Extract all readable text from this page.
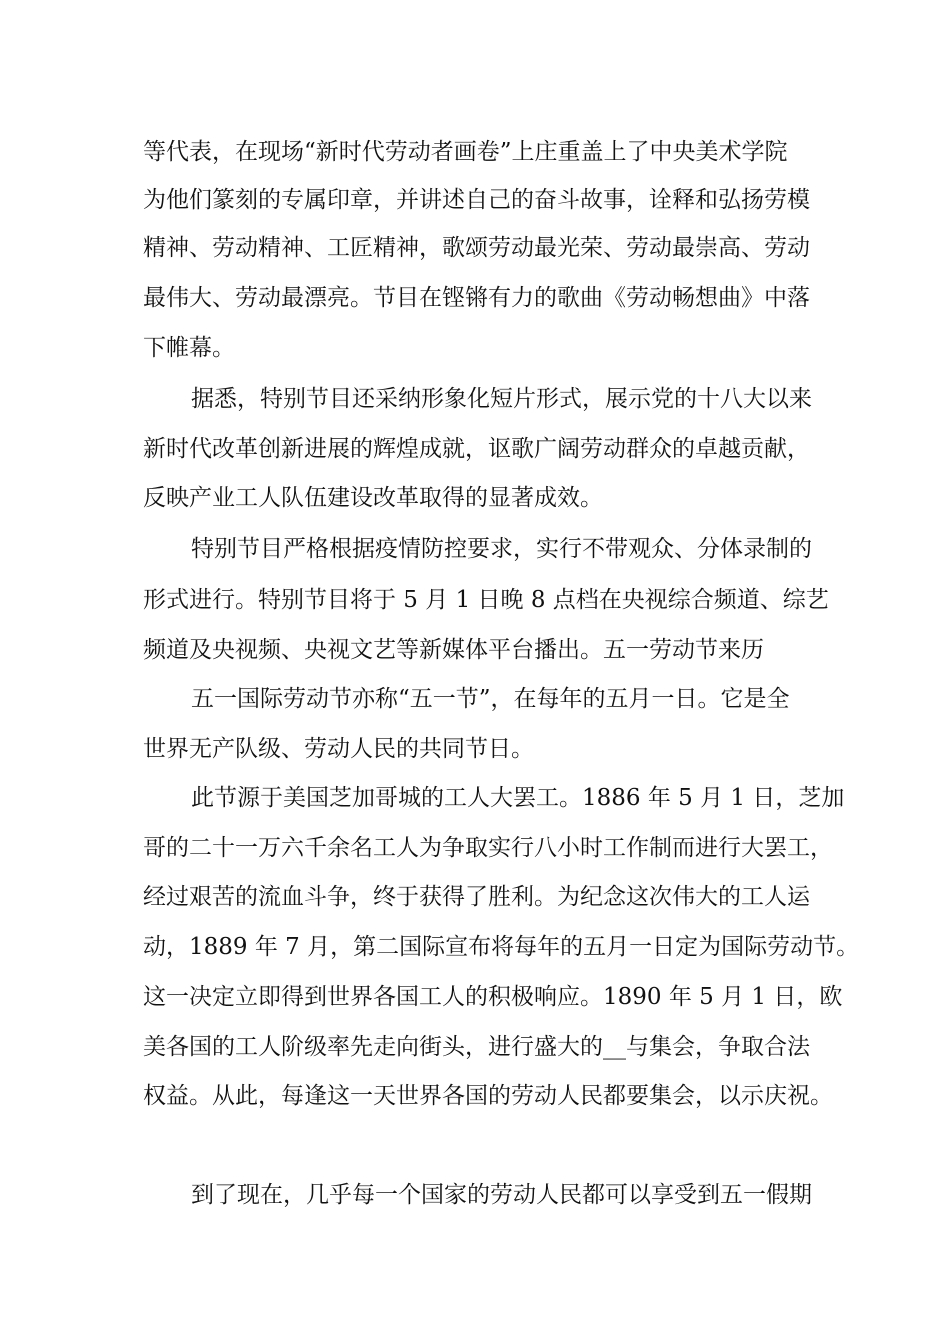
等代表，在现场“新时代劳动者画卷”上庄重盖上了中央美术学院
为他们篆刻的专属印章，并讲述自己的奋斗故事，诠释和弘扬劳模
精神、劳动精神、工匠精神，歌颂劳动最光荣、劳动最崇高、劳动
最伟大、劳动最漂亮。节目在铿锵有力的歌曲《劳动畅想曲》中落
下帷幕。
据悉，特别节目还采纳形象化短片形式，展示党的十八大以来
新时代改革创新进展的辉煌成就，讴歌广阔劳动群众的卓越贡献，
反映产业工人队伍建设改革取得的显著成效。
特别节目严格根据疫情防控要求，实行不带观众、分体录制的
形式进行。特别节目将于 5 月 1 日晚 8 点档在央视综合频道、综艺
频道及央视频、央视文艺等新媒体平台播出。五一劳动节来历
五一国际劳动节亦称“五一节”，在每年的五月一日。它是全
世界无产队级、劳动人民的共同节日。
此节源于美国芝加哥城的工人大罢工。1886 年 5 月 1 日，芝加
哥的二十一万六千余名工人为争取实行八小时工作制而进行大罢工，
经过艰苦的流血斗争，终于获得了胜利。为纪念这次伟大的工人运
动，1889 年 7 月，第二国际宣布将每年的五月一日定为国际劳动节。
这一决定立即得到世界各国工人的积极响应。1890 年 5 月 1 日，欧
美各国的工人阶级率先走向街头，进行盛大的__与集会，争取合法
权益。从此，每逢这一天世界各国的劳动人民都要集会，以示庆祝。
到了现在，几乎每一个国家的劳动人民都可以享受到五一假期
